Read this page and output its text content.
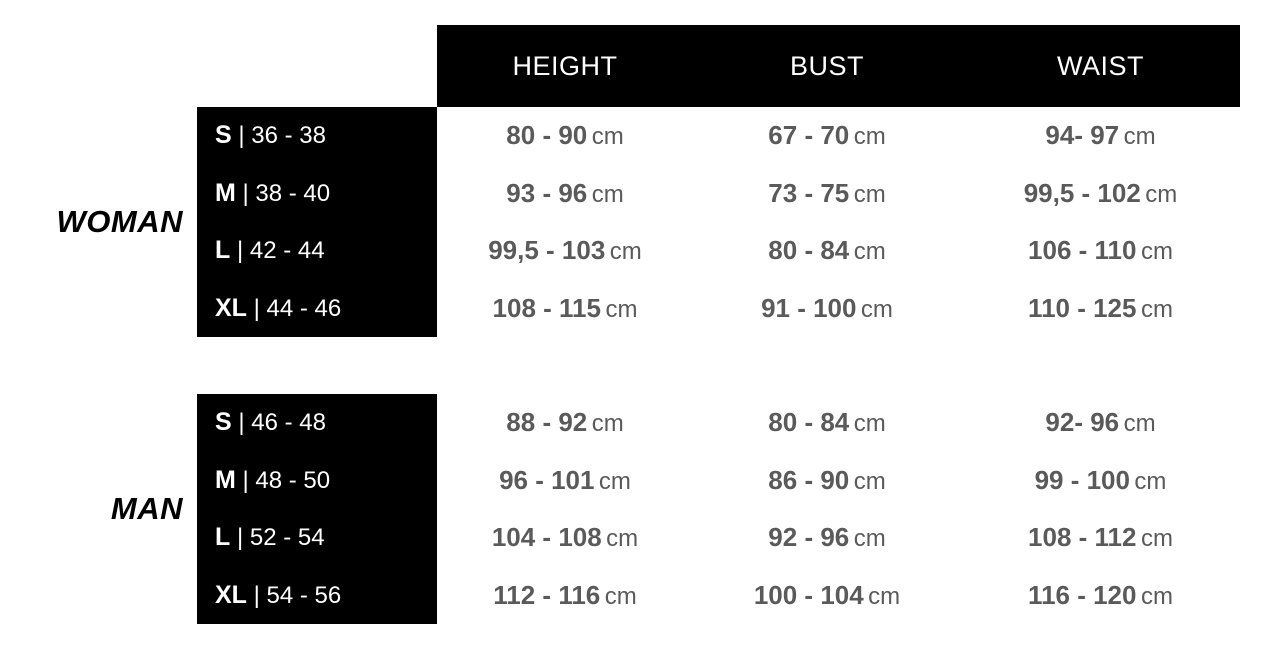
HEIGHT	BUST	WAIST
WOMAN
S | 36 - 38	80 - 90 cm	67 - 70 cm	94- 97 cm
M | 38 - 40	93 - 96 cm	73 - 75 cm	99,5 - 102 cm
L | 42 - 44	99,5 - 103 cm	80 - 84 cm	106 - 110 cm
XL | 44 - 46	108 - 115 cm	91 - 100 cm	110 - 125 cm
MAN
S | 46 - 48	88 - 92 cm	80 - 84 cm	92- 96 cm
M | 48 - 50	96 - 101 cm	86 - 90 cm	99 - 100 cm
L | 52 - 54	104 - 108 cm	92 - 96 cm	108 - 112 cm
XL | 54 - 56	112 - 116 cm	100 - 104 cm	116 - 120 cm
